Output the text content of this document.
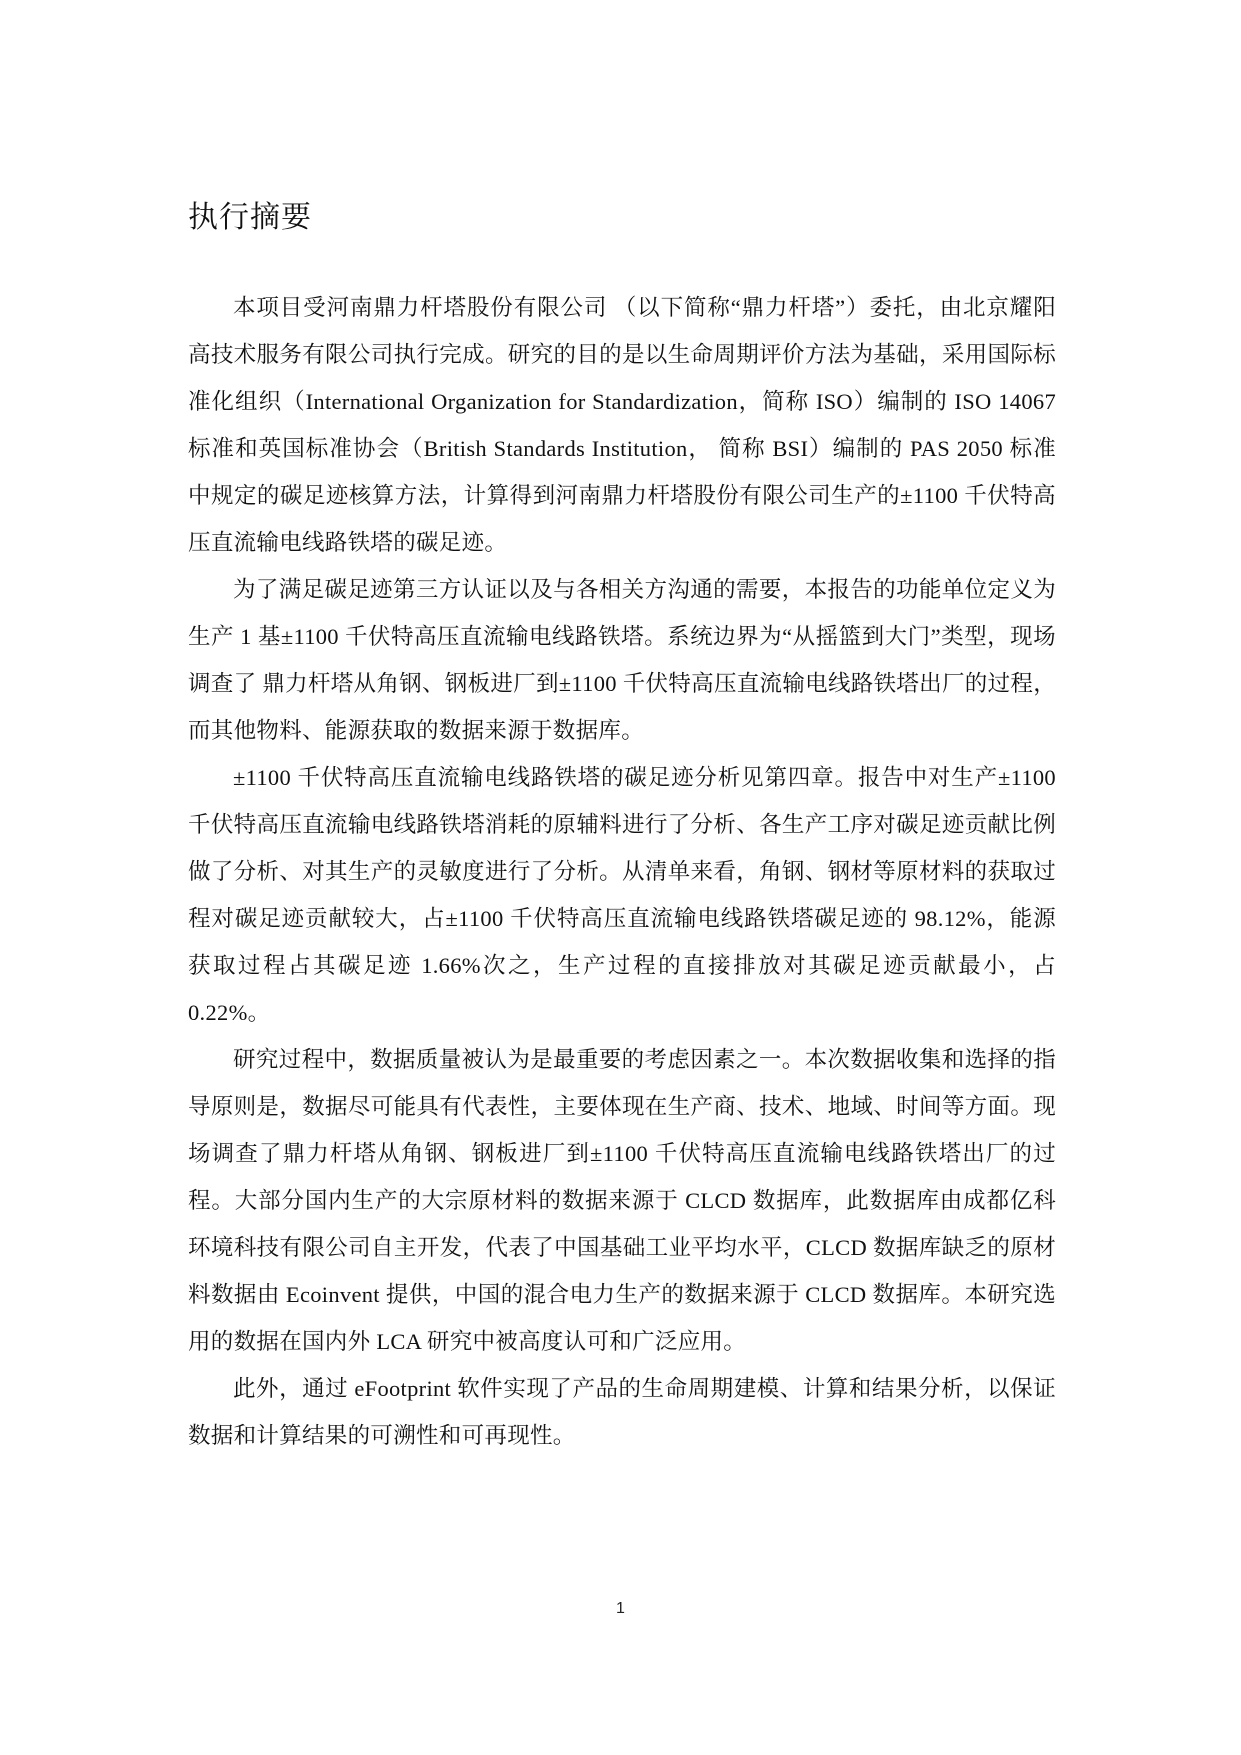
执行摘要

本项目受河南鼎力杆塔股份有限公司 （以下简称“鼎力杆塔”）委托，由北京耀阳高技术服务有限公司执行完成。研究的目的是以生命周期评价方法为基础，采用国际标准化组织（International Organization for Standardization，简称 ISO）编制的 ISO 14067 标准和英国标准协会（British Standards Institution， 简称 BSI）编制的 PAS 2050 标准中规定的碳足迹核算方法，计算得到河南鼎力杆塔股份有限公司生产的±1100 千伏特高压直流输电线路铁塔的碳足迹。

为了满足碳足迹第三方认证以及与各相关方沟通的需要，本报告的功能单位定义为生产 1 基±1100 千伏特高压直流输电线路铁塔。系统边界为“从摇篮到大门”类型，现场调查了 鼎力杆塔从角钢、钢板进厂到±1100 千伏特高压直流输电线路铁塔出厂的过程，而其他物料、能源获取的数据来源于数据库。

±1100 千伏特高压直流输电线路铁塔的碳足迹分析见第四章。报告中对生产±1100 千伏特高压直流输电线路铁塔消耗的原辅料进行了分析、各生产工序对碳足迹贡献比例做了分析、对其生产的灵敏度进行了分析。从清单来看，角钢、钢材等原材料的获取过程对碳足迹贡献较大，占±1100 千伏特高压直流输电线路铁塔碳足迹的 98.12%，能源获取过程占其碳足迹 1.66%次之，生产过程的直接排放对其碳足迹贡献最小，占 0.22%。

研究过程中，数据质量被认为是最重要的考虑因素之一。本次数据收集和选择的指导原则是，数据尽可能具有代表性，主要体现在生产商、技术、地域、时间等方面。现场调查了鼎力杆塔从角钢、钢板进厂到±1100 千伏特高压直流输电线路铁塔出厂的过程。大部分国内生产的大宗原材料的数据来源于 CLCD 数据库，此数据库由成都亿科环境科技有限公司自主开发，代表了中国基础工业平均水平，CLCD 数据库缺乏的原材料数据由 Ecoinvent 提供，中国的混合电力生产的数据来源于 CLCD 数据库。本研究选用的数据在国内外 LCA 研究中被高度认可和广泛应用。

此外，通过 eFootprint 软件实现了产品的生命周期建模、计算和结果分析，以保证数据和计算结果的可溯性和可再现性。

1
